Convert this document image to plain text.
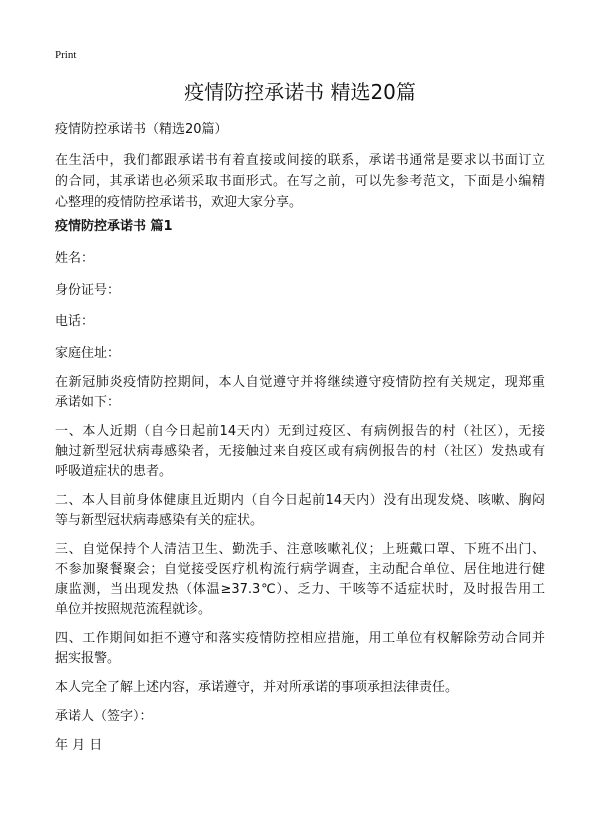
Print
疫情防控承诺书 精选20篇

疫情防控承诺书（精选20篇）

在生活中，我们都跟承诺书有着直接或间接的联系，承诺书通常是要求以书面订立
的合同，其承诺也必须采取书面形式。在写之前，可以先参考范文，下面是小编精
心整理的疫情防控承诺书，欢迎大家分享。
疫情防控承诺书 篇1

姓名：

身份证号：

电话：

家庭住址：

在新冠肺炎疫情防控期间，本人自觉遵守并将继续遵守疫情防控有关规定，现郑重
承诺如下：
一、本人近期（自今日起前14天内）无到过疫区、有病例报告的村（社区），无接
触过新型冠状病毒感染者，无接触过来自疫区或有病例报告的村（社区）发热或有
呼吸道症状的患者。
二、本人目前身体健康且近期内（自今日起前14天内）没有出现发烧、咳嗽、胸闷
等与新型冠状病毒感染有关的症状。
三、自觉保持个人清洁卫生、勤洗手、注意咳嗽礼仪；上班戴口罩、下班不出门、
不参加聚餐聚会；自觉接受医疗机构流行病学调查，主动配合单位、居住地进行健
康监测，当出现发热（体温≥37.3℃）、乏力、干咳等不适症状时，及时报告用工
单位并按照规范流程就诊。
四、工作期间如拒不遵守和落实疫情防控相应措施，用工单位有权解除劳动合同并
据实报警。

本人完全了解上述内容，承诺遵守，并对所承诺的事项承担法律责任。

承诺人（签字）：

年 月 日
